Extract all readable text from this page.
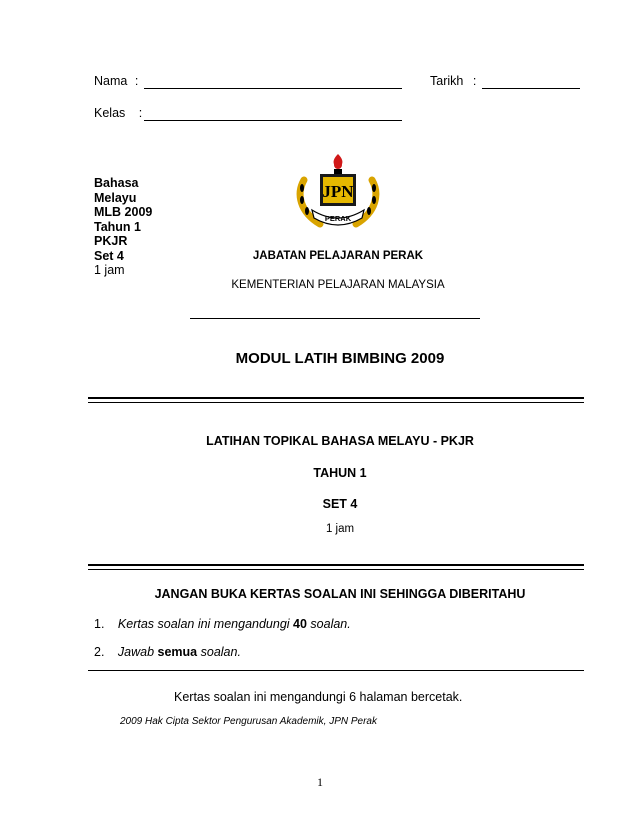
Nama :	Tarikh :
Kelas :
Bahasa
Melayu
MLB 2009
Tahun 1
PKJR
Set 4
1 jam
JPN
PERAK
JABATAN PELAJARAN PERAK
KEMENTERIAN PELAJARAN MALAYSIA
MODUL LATIH BIMBING 2009
LATIHAN TOPIKAL BAHASA MELAYU - PKJR
TAHUN 1
SET 4
1 jam
JANGAN BUKA KERTAS SOALAN INI SEHINGGA DIBERITAHU
1. Kertas soalan ini mengandungi 40 soalan.
2. Jawab semua soalan.
Kertas soalan ini mengandungi 6 halaman bercetak.
2009 Hak Cipta Sektor Pengurusan Akademik, JPN Perak
1
